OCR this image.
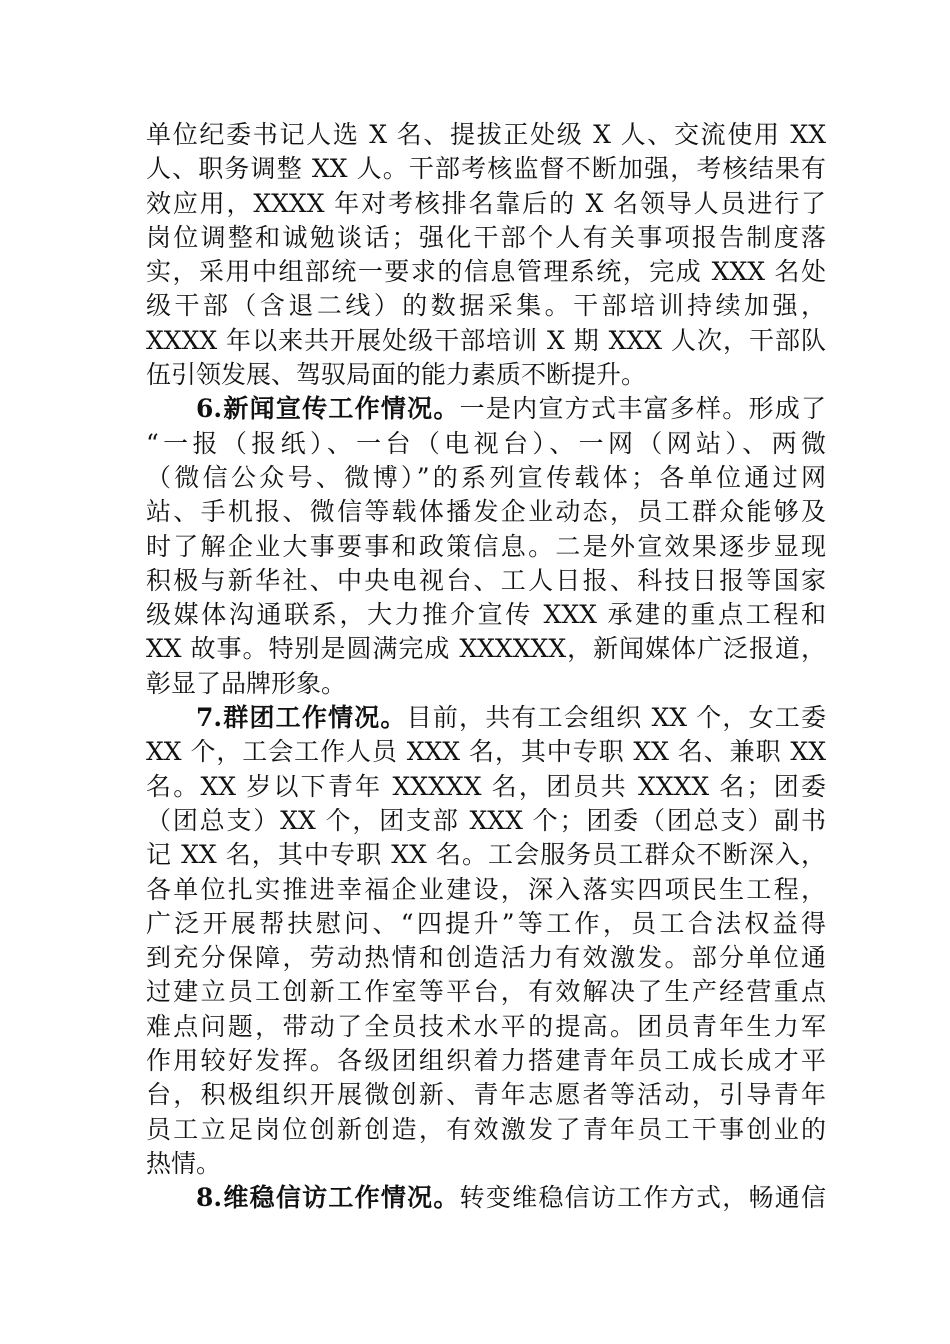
单位纪委书记人选 X 名、提拔正处级 X 人、交流使用 XX
人、职务调整 XX 人。干部考核监督不断加强，考核结果有
效应用，XXXX 年对考核排名靠后的 X 名领导人员进行了
岗位调整和诚勉谈话；强化干部个人有关事项报告制度落
实，采用中组部统一要求的信息管理系统，完成 XXX 名处
级干部（含退二线）的数据采集。干部培训持续加强，
XXXX 年以来共开展处级干部培训 X 期 XXX 人次，干部队
伍引领发展、驾驭局面的能力素质不断提升。
6.新闻宣传工作情况。一是内宣方式丰富多样。形成了
“一报（报纸）、一台（电视台）、一网（网站）、两微
（微信公众号、微博）”的系列宣传载体；各单位通过网
站、手机报、微信等载体播发企业动态，员工群众能够及
时了解企业大事要事和政策信息。二是外宣效果逐步显现
积极与新华社、中央电视台、工人日报、科技日报等国家
级媒体沟通联系，大力推介宣传 XXX 承建的重点工程和
XX 故事。特别是圆满完成 XXXXXX，新闻媒体广泛报道，
彰显了品牌形象。
7.群团工作情况。目前，共有工会组织 XX 个，女工委
XX 个，工会工作人员 XXX 名，其中专职 XX 名、兼职 XX
名。XX 岁以下青年 XXXXX 名，团员共 XXXX 名；团委
（团总支）XX 个，团支部 XXX 个；团委（团总支）副书
记 XX 名，其中专职 XX 名。工会服务员工群众不断深入，
各单位扎实推进幸福企业建设，深入落实四项民生工程，
广泛开展帮扶慰问、“四提升”等工作，员工合法权益得
到充分保障，劳动热情和创造活力有效激发。部分单位通
过建立员工创新工作室等平台，有效解决了生产经营重点
难点问题，带动了全员技术水平的提高。团员青年生力军
作用较好发挥。各级团组织着力搭建青年员工成长成才平
台，积极组织开展微创新、青年志愿者等活动，引导青年
员工立足岗位创新创造，有效激发了青年员工干事创业的
热情。
8.维稳信访工作情况。转变维稳信访工作方式，畅通信
